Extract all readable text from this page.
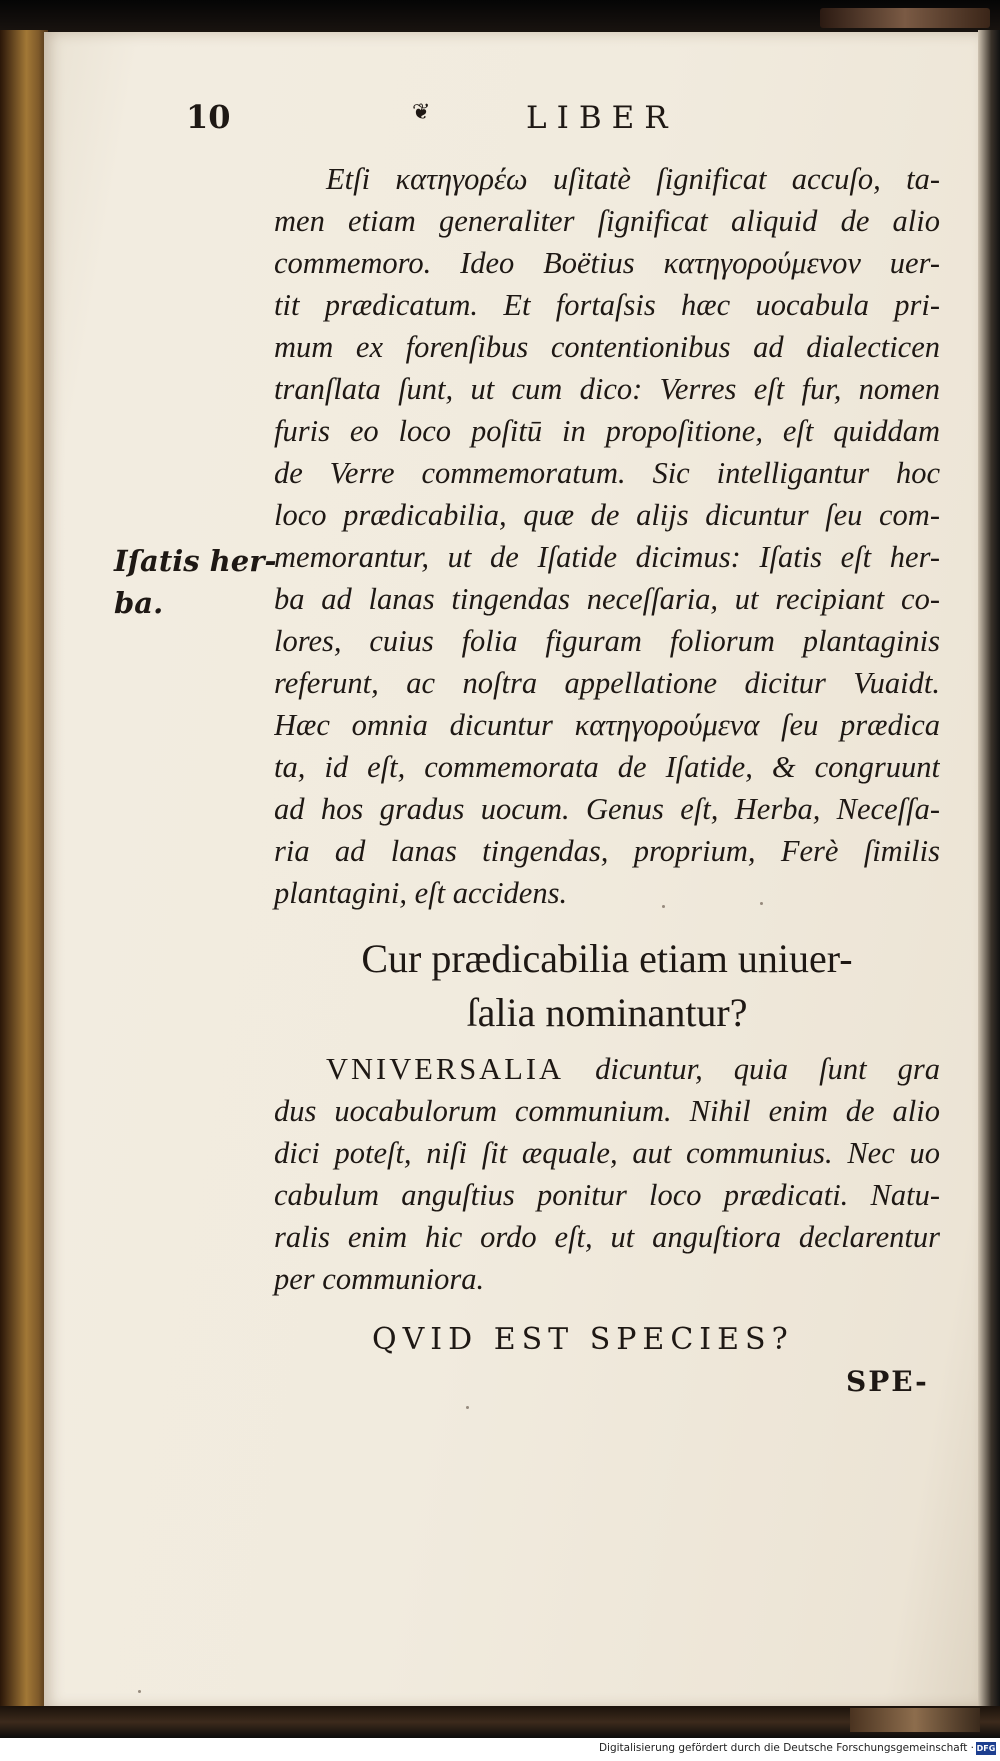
10	❦	LIBER
Iſatis her-
ba.
Etſi κατηγορέω uſitatè ſignificat accuſo, ta-
men etiam generaliter ſignificat aliquid de alio
commemoro. Ideo Boëtius κατηγορούμενον uer-
tit prædicatum. Et fortaſsis hæc uocabula pri-
mum ex forenſibus contentionibus ad dialecticen
tranſlata ſunt, ut cum dico: Verres eſt fur, nomen
furis eo loco poſitū in propoſitione, eſt quiddam
de Verre commemoratum. Sic intelligantur hoc
loco prædicabilia, quæ de alijs dicuntur ſeu com-
memorantur, ut de Iſatide dicimus: Iſatis eſt her-
ba ad lanas tingendas neceſſaria, ut recipiant co-
lores, cuius folia figuram foliorum plantaginis
referunt, ac noſtra appellatione dicitur Vuaidt.
Hæc omnia dicuntur κατηγορούμενα ſeu prædica
ta, id eſt, commemorata de Iſatide, & congruunt
ad hos gradus uocum. Genus eſt, Herba, Neceſſa-
ria ad lanas tingendas, proprium, Ferè ſimilis
plantagini, eſt accidens.
Cur prædicabilia etiam uniuer-
ſalia nominantur?
VNIVERSALIA dicuntur, quia ſunt gra
dus uocabulorum communium. Nihil enim de alio
dici poteſt, niſi ſit æquale, aut communius. Nec uo
cabulum anguſtius ponitur loco prædicati. Natu-
ralis enim hic ordo eſt, ut anguſtiora declarentur
per communiora.
QVID EST SPECIES?
SPE-
Digitalisierung gefördert durch die Deutsche Forschungsgemeinschaft · DFG
